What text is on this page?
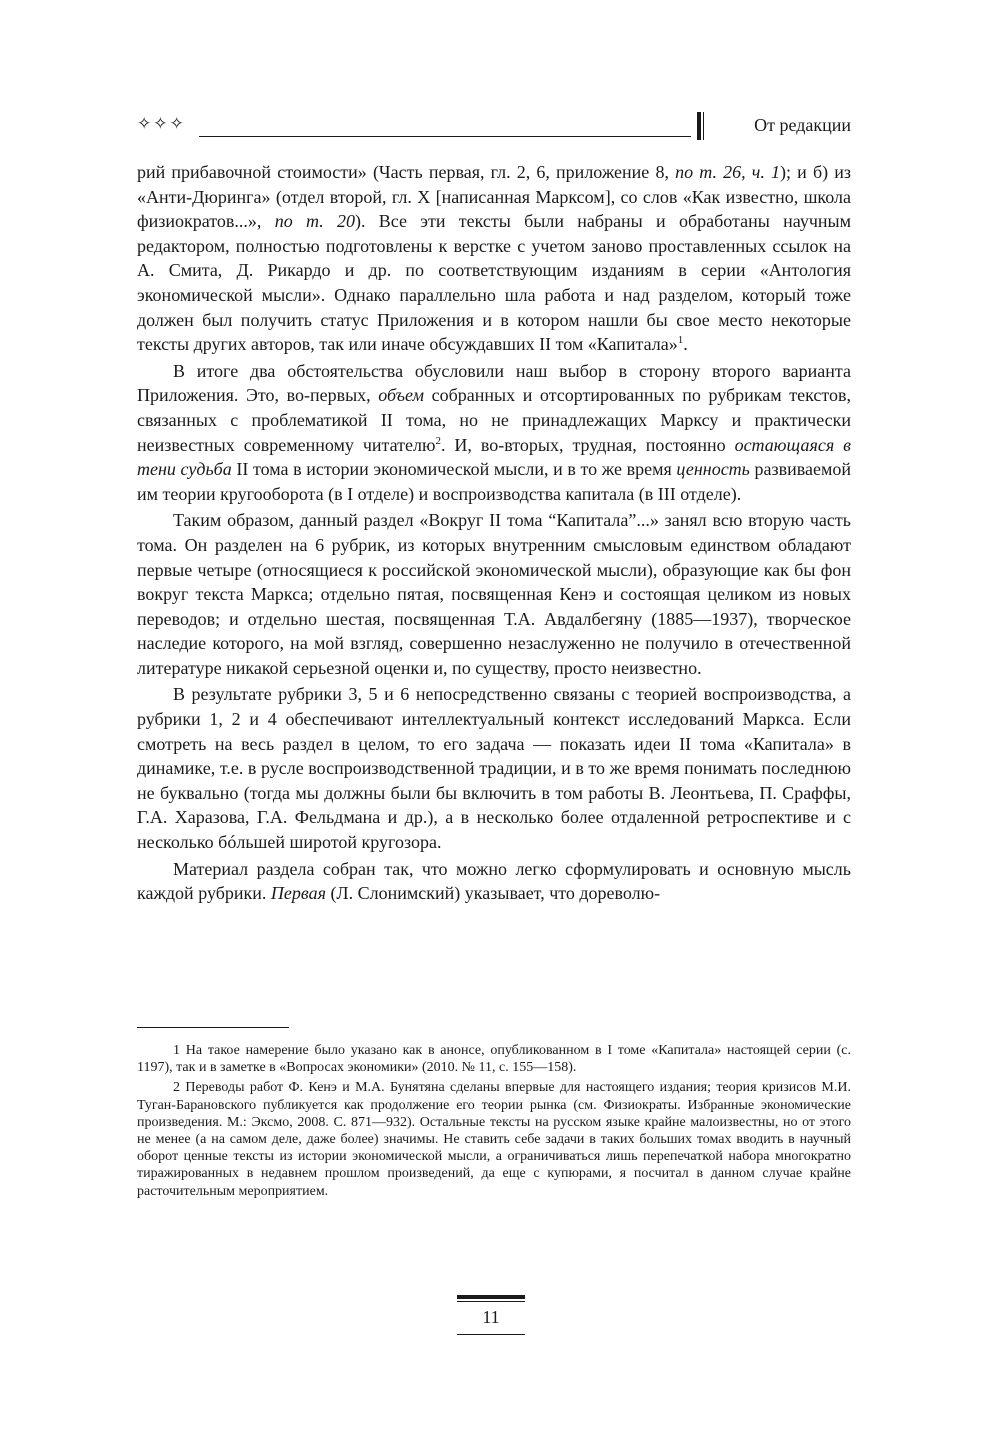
✧✧✧	От редакции

рий прибавочной стоимости» (Часть первая, гл. 2, 6, приложение 8, по т. 26, ч. 1); и б) из «Анти-Дюринга» (отдел второй, гл. X [написанная Марксом], со слов «Как известно, школа физиократов...», по т. 20). Все эти тексты были набраны и обработаны научным редактором, полностью подготовлены к верстке с учетом заново проставленных ссылок на А. Смита, Д. Рикардо и др. по соответствующим изданиям в серии «Антология экономической мысли». Однако параллельно шла работа и над разделом, который тоже должен был получить статус Приложения и в котором нашли бы свое место некоторые тексты других авторов, так или иначе обсуждавших II том «Капитала»$^1$.

В итоге два обстоятельства обусловили наш выбор в сторону второго варианта Приложения. Это, во-первых, объем собранных и отсортированных по рубрикам текстов, связанных с проблематикой II тома, но не принадлежащих Марксу и практически неизвестных современному читателю$^2$. И, во-вторых, трудная, постоянно остающаяся в тени судьба II тома в истории экономической мысли, и в то же время ценность развиваемой им теории кругооборота (в I отделе) и воспроизводства капитала (в III отделе).

Таким образом, данный раздел «Вокруг II тома “Капитала”...» занял всю вторую часть тома. Он разделен на 6 рубрик, из которых внутренним смысловым единством обладают первые четыре (относящиеся к российской экономической мысли), образующие как бы фон вокруг текста Маркса; отдельно пятая, посвященная Кенэ и состоящая целиком из новых переводов; и отдельно шестая, посвященная Т.А. Авдалбегяну (1885—1937), творческое наследие которого, на мой взгляд, совершенно незаслуженно не получило в отечественной литературе никакой серьезной оценки и, по существу, просто неизвестно.

В результате рубрики 3, 5 и 6 непосредственно связаны с теорией воспроизводства, а рубрики 1, 2 и 4 обеспечивают интеллектуальный контекст исследований Маркса. Если смотреть на весь раздел в целом, то его задача — показать идеи II тома «Капитала» в динамике, т.е. в русле воспроизводственной традиции, и в то же время понимать последнюю не буквально (тогда мы должны были бы включить в том работы В. Леонтьева, П. Сраффы, Г.А. Харазова, Г.А. Фельдмана и др.), а в несколько более отдаленной ретроспективе и с несколько бóльшей широтой кругозора.

Материал раздела собран так, что можно легко сформулировать и основную мысль каждой рубрики. Первая (Л. Слонимский) указывает, что дореволю-

1 На такое намерение было указано как в анонсе, опубликованном в I томе «Капитала» настоящей серии (с. 1197), так и в заметке в «Вопросах экономики» (2010. № 11, с. 155—158).

2 Переводы работ Ф. Кенэ и М.А. Бунятяна сделаны впервые для настоящего издания; теория кризисов М.И. Туган-Барановского публикуется как продолжение его теории рынка (см. Физиократы. Избранные экономические произведения. М.: Эксмо, 2008. С. 871—932). Остальные тексты на русском языке крайне малоизвестны, но от этого не менее (а на самом деле, даже более) значимы. Не ставить себе задачи в таких больших томах вводить в научный оборот ценные тексты из истории экономической мысли, а ограничиваться лишь перепечаткой набора многократно тиражированных в недавнем прошлом произведений, да еще с купюрами, я посчитал в данном случае крайне расточительным мероприятием.

11
